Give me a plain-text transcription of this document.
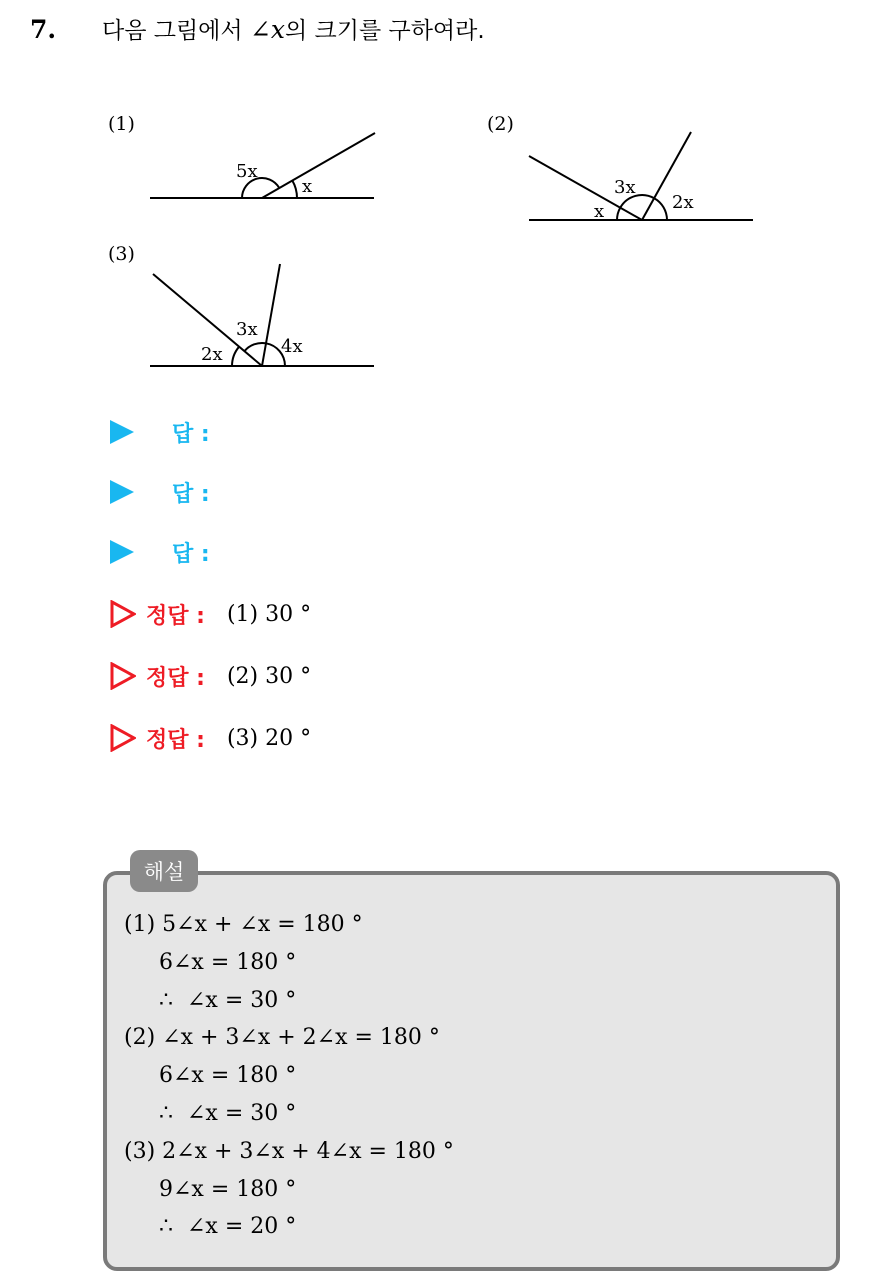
7. 다음 그림에서 ∠x의 크기를 구하여라.
(1)	(2)
(3)
5x
x
x
3x
2x
2x
3x
4x
답 :
답 :
답 :
정답 : (1) 30 °
정답 : (2) 30 °
정답 : (3) 20 °
해설
(1) 5∠x + ∠x = 180 °
6∠x = 180 °
∴  ∠x = 30 °
(2) ∠x + 3∠x + 2∠x = 180 °
6∠x = 180 °
∴  ∠x = 30 °
(3) 2∠x + 3∠x + 4∠x = 180 °
9∠x = 180 °
∴  ∠x = 20 °
